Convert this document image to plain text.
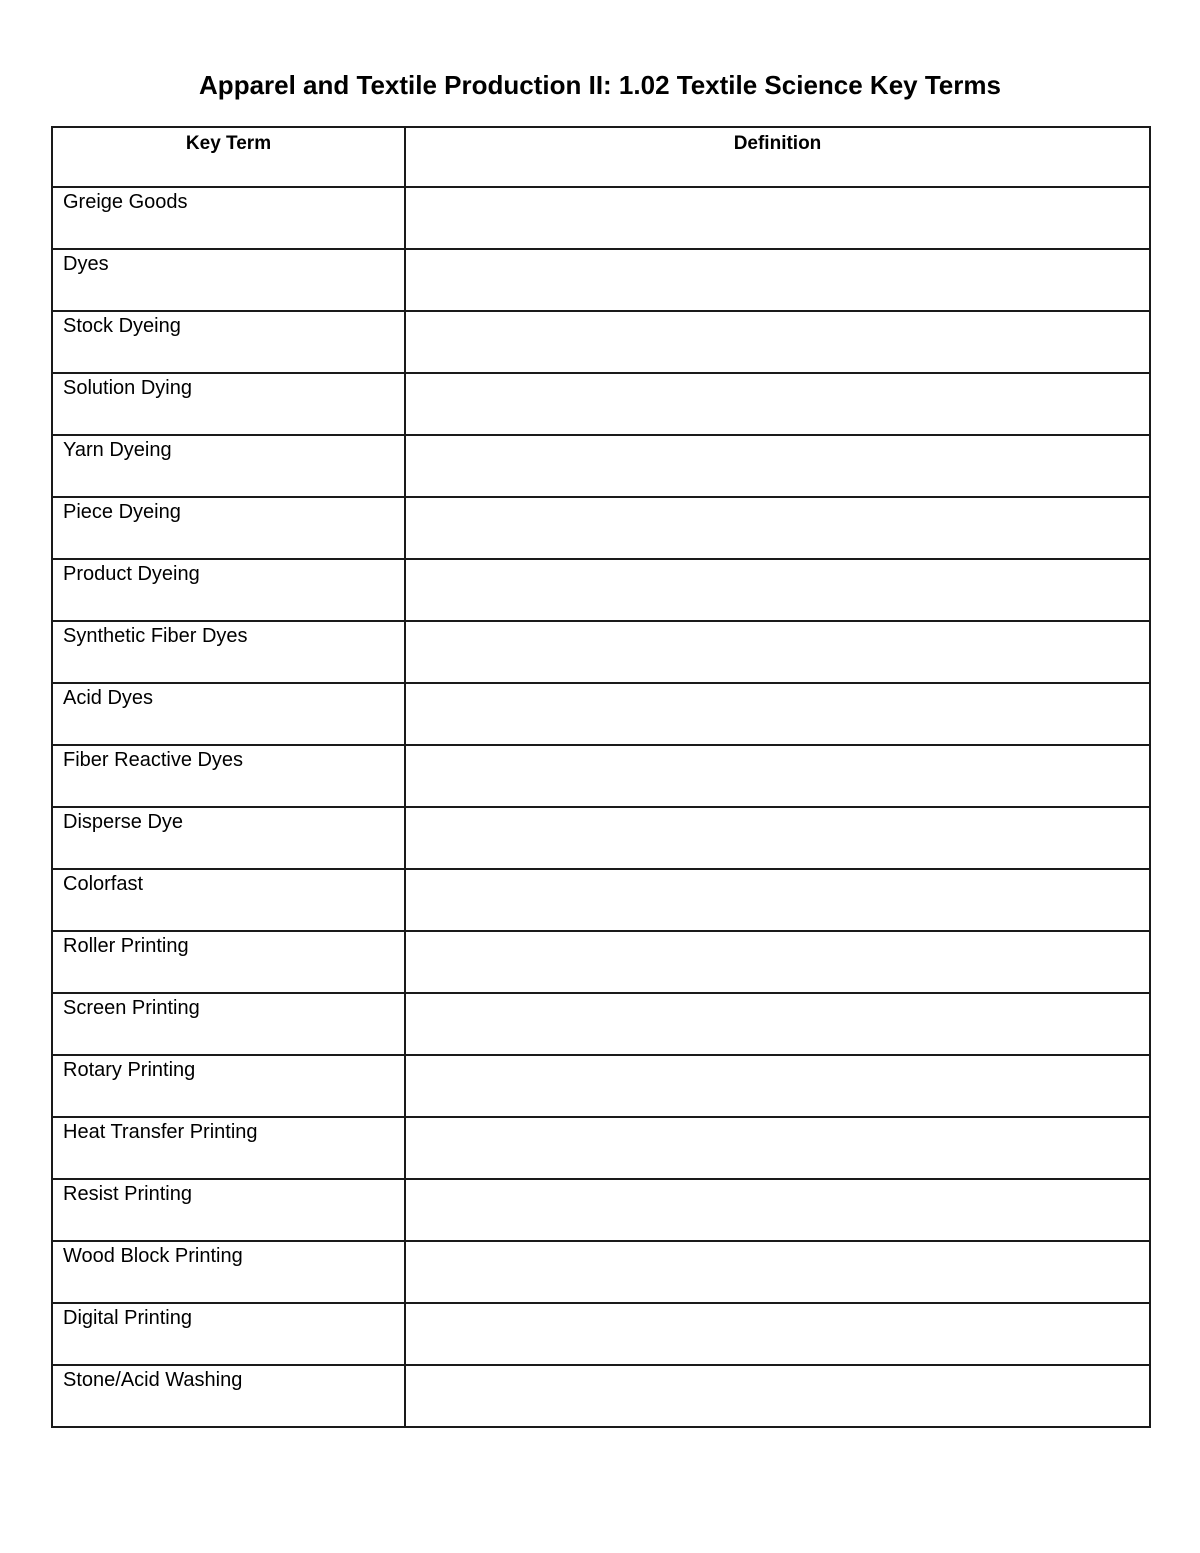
Apparel and Textile Production II: 1.02 Textile Science Key Terms
Key Term	Definition
Greige Goods	
Dyes	
Stock Dyeing	
Solution Dying	
Yarn Dyeing	
Piece Dyeing	
Product Dyeing	
Synthetic Fiber Dyes	
Acid Dyes	
Fiber Reactive Dyes	
Disperse Dye	
Colorfast	
Roller Printing	
Screen Printing	
Rotary Printing	
Heat Transfer Printing	
Resist Printing	
Wood Block Printing	
Digital Printing	
Stone/Acid Washing	
